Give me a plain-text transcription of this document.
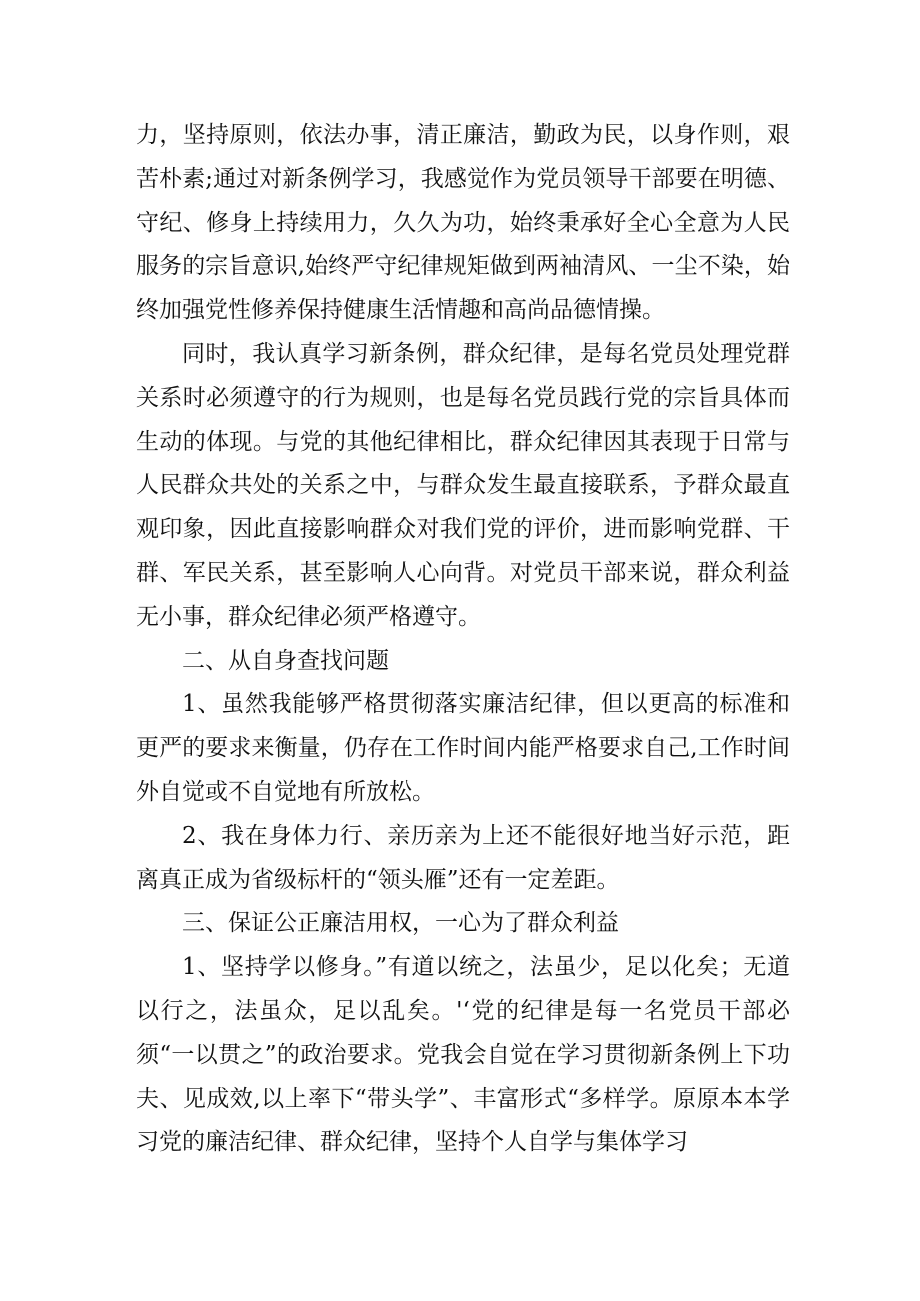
力，坚持原则，依法办事，清正廉洁，勤政为民，以身作则，艰苦朴素;通过对新条例学习，我感觉作为党员领导干部要在明德、守纪、修身上持续用力，久久为功，始终秉承好全心全意为人民服务的宗旨意识,始终严守纪律规矩做到两袖清风、一尘不染，始终加强党性修养保持健康生活情趣和高尚品德情操。

同时，我认真学习新条例，群众纪律，是每名党员处理党群关系时必须遵守的行为规则，也是每名党员践行党的宗旨具体而生动的体现。与党的其他纪律相比，群众纪律因其表现于日常与人民群众共处的关系之中，与群众发生最直接联系，予群众最直观印象，因此直接影响群众对我们党的评价，进而影响党群、干群、军民关系，甚至影响人心向背。对党员干部来说，群众利益无小事，群众纪律必须严格遵守。

二、从自身查找问题

1、虽然我能够严格贯彻落实廉洁纪律，但以更高的标准和更严的要求来衡量，仍存在工作时间内能严格要求自己,工作时间外自觉或不自觉地有所放松。

2、我在身体力行、亲历亲为上还不能很好地当好示范，距离真正成为省级标杆的“领头雁”还有一定差距。

三、保证公正廉洁用权，一心为了群众利益

1、坚持学以修身。”有道以统之，法虽少，足以化矣；无道以行之，法虽众，足以乱矣。'‘党的纪律是每一名党员干部必须“一以贯之”的政治要求。党我会自觉在学习贯彻新条例上下功夫、见成效,以上率下“带头学”、丰富形式“多样学。原原本本学习党的廉洁纪律、群众纪律，坚持个人自学与集体学习
